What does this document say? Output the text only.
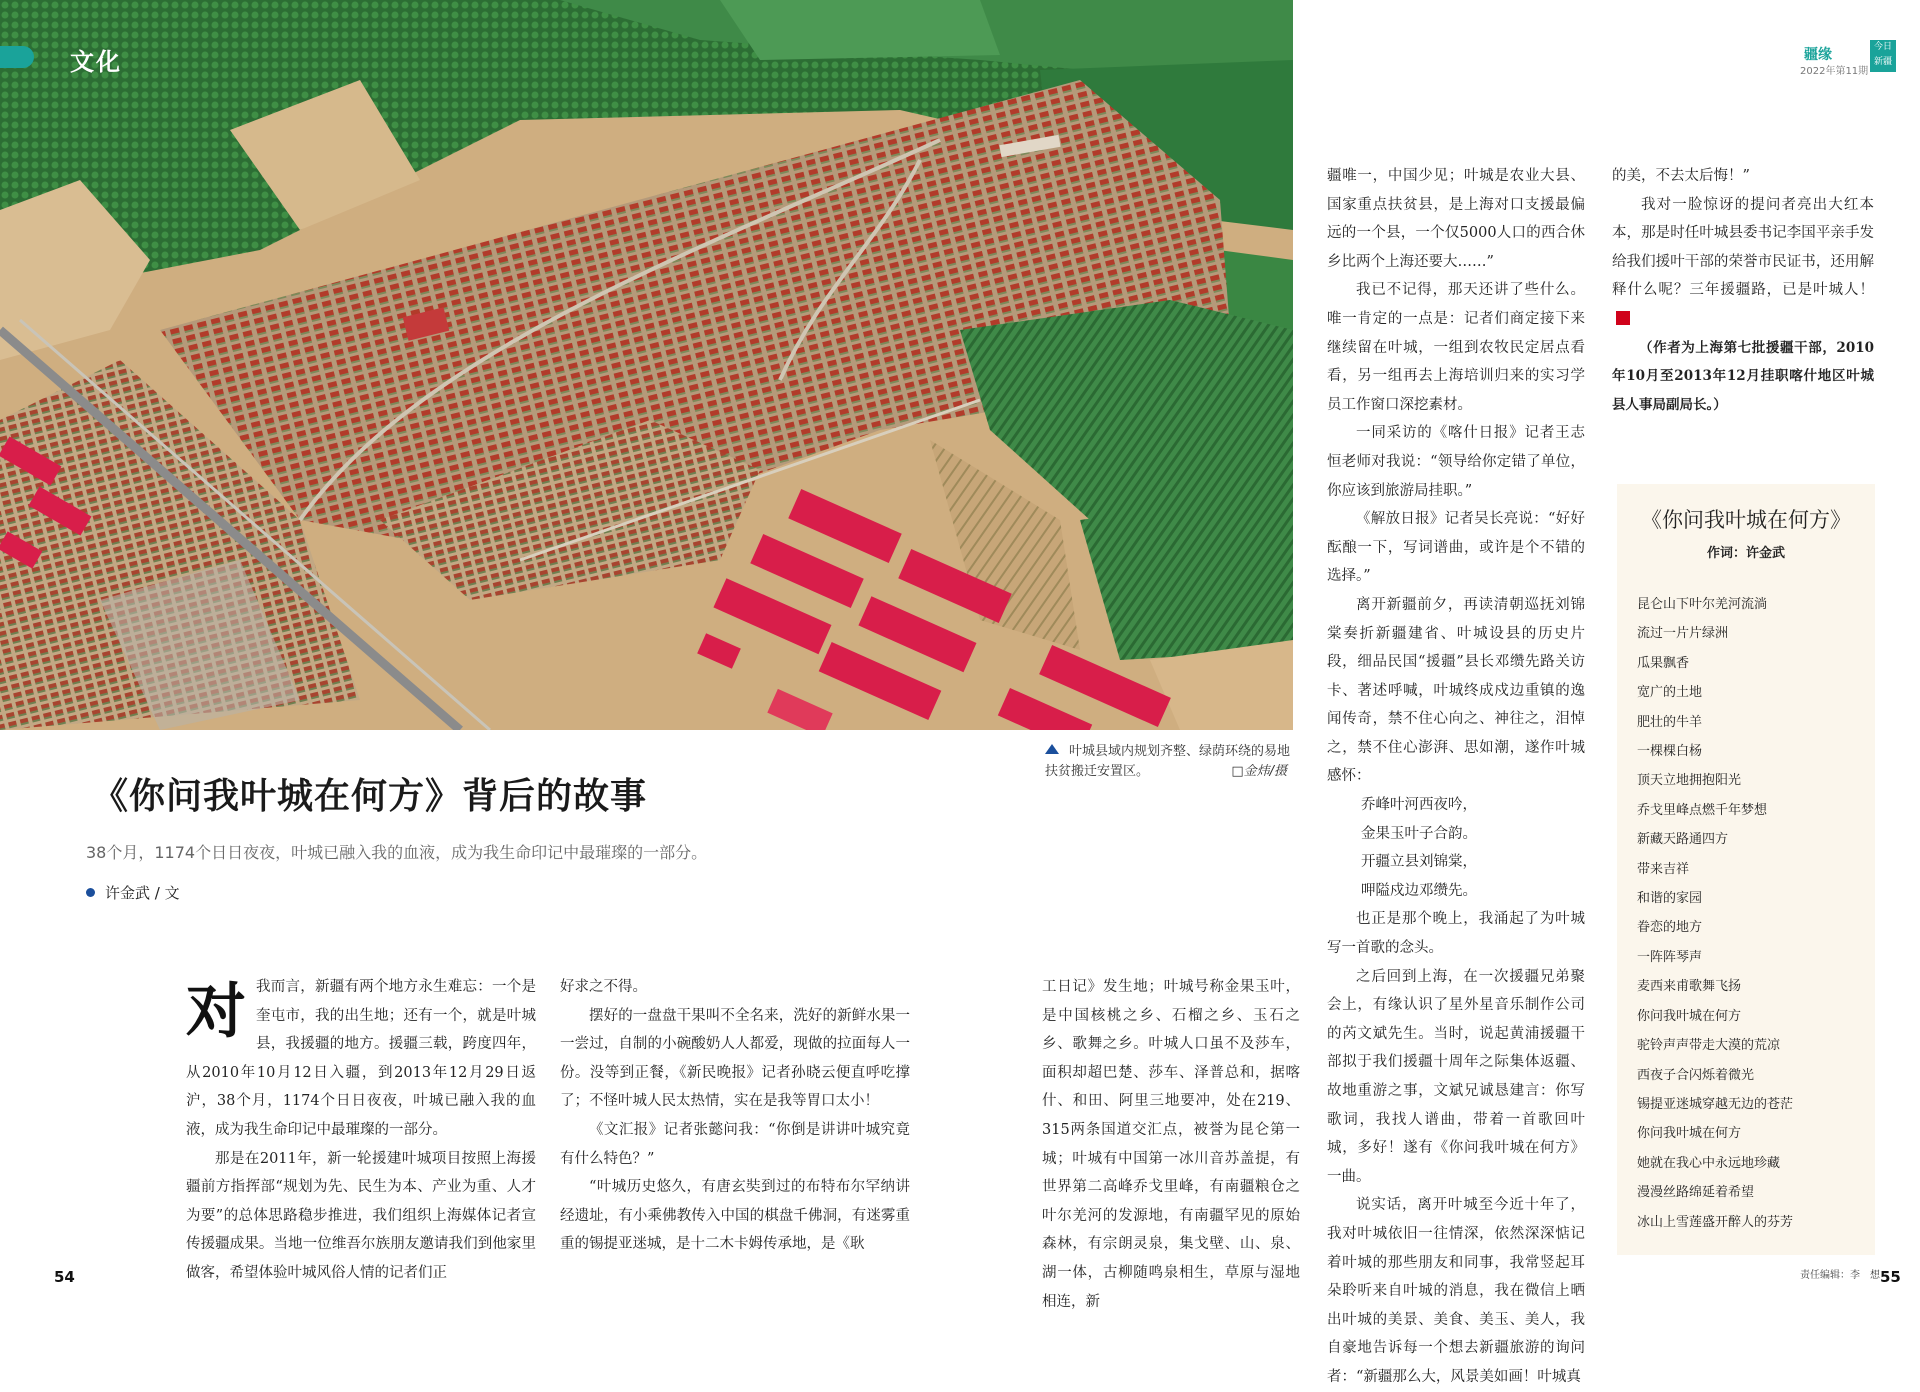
文化	疆缘
2022年第11期
今日新疆
叶城县域内规划齐整、绿荫环绕的易地扶贫搬迁安置区。	□金炜/摄
《你问我叶城在何方》背后的故事
38个月，1174个日日夜夜，叶城已融入我的血液，成为我生命印记中最璀璨的一部分。
许金武 / 文
对 我而言，新疆有两个地方永生难忘：一个是奎屯市，我的出生地；还有一个，就是叶城县，我援疆的地方。援疆三载，跨度四年，从2010年10月12日入疆，到2013年12月29日返沪，38个月，1174个日日夜夜，叶城已融入我的血液，成为我生命印记中最璀璨的一部分。

那是在2011年，新一轮援建叶城项目按照上海援疆前方指挥部“规划为先、民生为本、产业为重、人才为要”的总体思路稳步推进，我们组织上海媒体记者宣传援疆成果。当地一位维吾尔族朋友邀请我们到他家里做客，希望体验叶城风俗人情的记者们正

好求之不得。

摆好的一盘盘干果叫不全名来，洗好的新鲜水果一一尝过，自制的小碗酸奶人人都爱，现做的拉面每人一份。没等到正餐，《新民晚报》记者孙晓云便直呼吃撑了；不怪叶城人民太热情，实在是我等胃口太小！

《文汇报》记者张懿问我：“你倒是讲讲叶城究竟有什么特色？”

“叶城历史悠久，有唐玄奘到过的布特布尔罕纳讲经遗址，有小乘佛教传入中国的棋盘千佛洞，有迷雾重重的锡提亚迷城，是十二木卡姆传承地，是《耿

工日记》发生地；叶城号称金果玉叶，是中国核桃之乡、石榴之乡、玉石之乡、歌舞之乡。叶城人口虽不及莎车，面积却超巴楚、莎车、泽普总和，据喀什、和田、阿里三地要冲，处在219、315两条国道交汇点，被誉为昆仑第一城；叶城有中国第一冰川音苏盖提，有世界第二高峰乔戈里峰，有南疆粮仓之叶尔羌河的发源地，有南疆罕见的原始森林，有宗朗灵泉，集戈壁、山、泉、湖一体，古柳随鸣泉相生，草原与湿地相连，新

疆唯一，中国少见；叶城是农业大县、国家重点扶贫县，是上海对口支援最偏远的一个县，一个仅5000人口的西合休乡比两个上海还要大……”

我已不记得，那天还讲了些什么。唯一肯定的一点是：记者们商定接下来继续留在叶城，一组到农牧民定居点看看，另一组再去上海培训归来的实习学员工作窗口深挖素材。

一同采访的《喀什日报》记者王志恒老师对我说：“领导给你定错了单位，你应该到旅游局挂职。”

《解放日报》记者吴长亮说：“好好酝酿一下，写词谱曲，或许是个不错的选择。”

离开新疆前夕，再读清朝巡抚刘锦棠奏折新疆建省、叶城设县的历史片段，细品民国“援疆”县长邓缵先路关访卡、著述呼喊，叶城终成戍边重镇的逸闻传奇，禁不住心向之、神往之，泪悼之，禁不住心澎湃、思如潮，遂作叶城感怀：

乔峰叶河西夜吟，

金果玉叶子合韵。

开疆立县刘锦棠，

呷隘戍边邓缵先。

也正是那个晚上，我涌起了为叶城写一首歌的念头。

之后回到上海，在一次援疆兄弟聚会上，有缘认识了星外星音乐制作公司的芮文斌先生。当时，说起黄浦援疆干部拟于我们援疆十周年之际集体返疆、故地重游之事，文斌兄诚恳建言：你写歌词，我找人谱曲，带着一首歌回叶城，多好！遂有《你问我叶城在何方》一曲。

说实话，离开叶城至今近十年了，我对叶城依旧一往情深，依然深深惦记着叶城的那些朋友和同事，我常竖起耳朵聆听来自叶城的消息，我在微信上晒出叶城的美景、美食、美玉、美人，我自豪地告诉每一个想去新疆旅游的询问者：“新疆那么大，风景美如画！叶城真

的美，不去太后悔！”

我对一脸惊讶的提问者亮出大红本本，那是时任叶城县委书记李国平亲手发给我们援叶干部的荣誉市民证书，还用解释什么呢？三年援疆路，已是叶城人！

（作者为上海第七批援疆干部，2010年10月至2013年12月挂职喀什地区叶城县人事局副局长。）

《你问我叶城在何方》
作词：许金武
昆仑山下叶尔羌河流淌
流过一片片绿洲
瓜果飘香
宽广的土地
肥壮的牛羊
一棵棵白杨
顶天立地拥抱阳光
乔戈里峰点燃千年梦想
新藏天路通四方
带来吉祥
和谐的家园
眷恋的地方
一阵阵琴声
麦西来甫歌舞飞扬
你问我叶城在何方
驼铃声声带走大漠的荒凉
西夜子合闪烁着微光
锡提亚迷城穿越无边的苍茫
你问我叶城在何方
她就在我心中永远地珍藏
漫漫丝路绵延着希望
冰山上雪莲盛开醉人的芬芳
54	55
责任编辑：李　想
